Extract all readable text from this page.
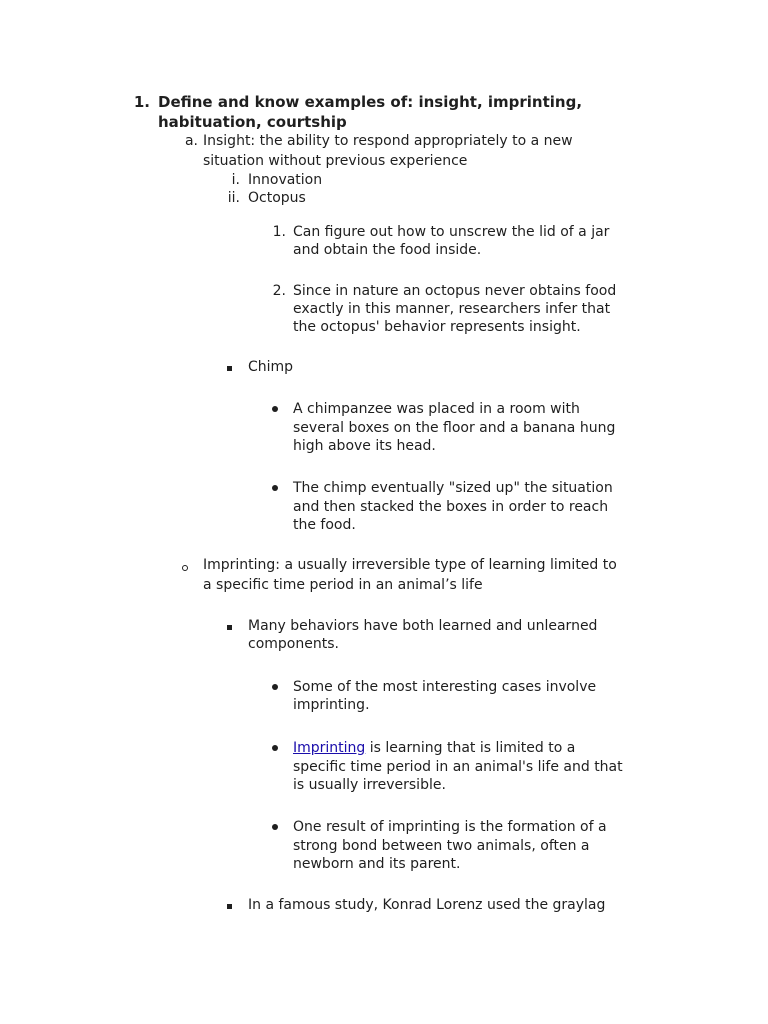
1. Define and know examples of: insight, imprinting,
habituation, courtship
a. Insight: the ability to respond appropriately to a new
situation without previous experience
i. Innovation
ii. Octopus
1. Can figure out how to unscrew the lid of a jar
and obtain the food inside.
2. Since in nature an octopus never obtains food
exactly in this manner, researchers infer that
the octopus' behavior represents insight.
Chimp
A chimpanzee was placed in a room with
several boxes on the floor and a banana hung
high above its head.
The chimp eventually "sized up" the situation
and then stacked the boxes in order to reach
the food.
Imprinting: a usually irreversible type of learning limited to
a specific time period in an animal’s life
Many behaviors have both learned and unlearned
components.
Some of the most interesting cases involve
imprinting.
Imprinting is learning that is limited to a
specific time period in an animal's life and that
is usually irreversible.
One result of imprinting is the formation of a
strong bond between two animals, often a
newborn and its parent.
In a famous study, Konrad Lorenz used the graylag
